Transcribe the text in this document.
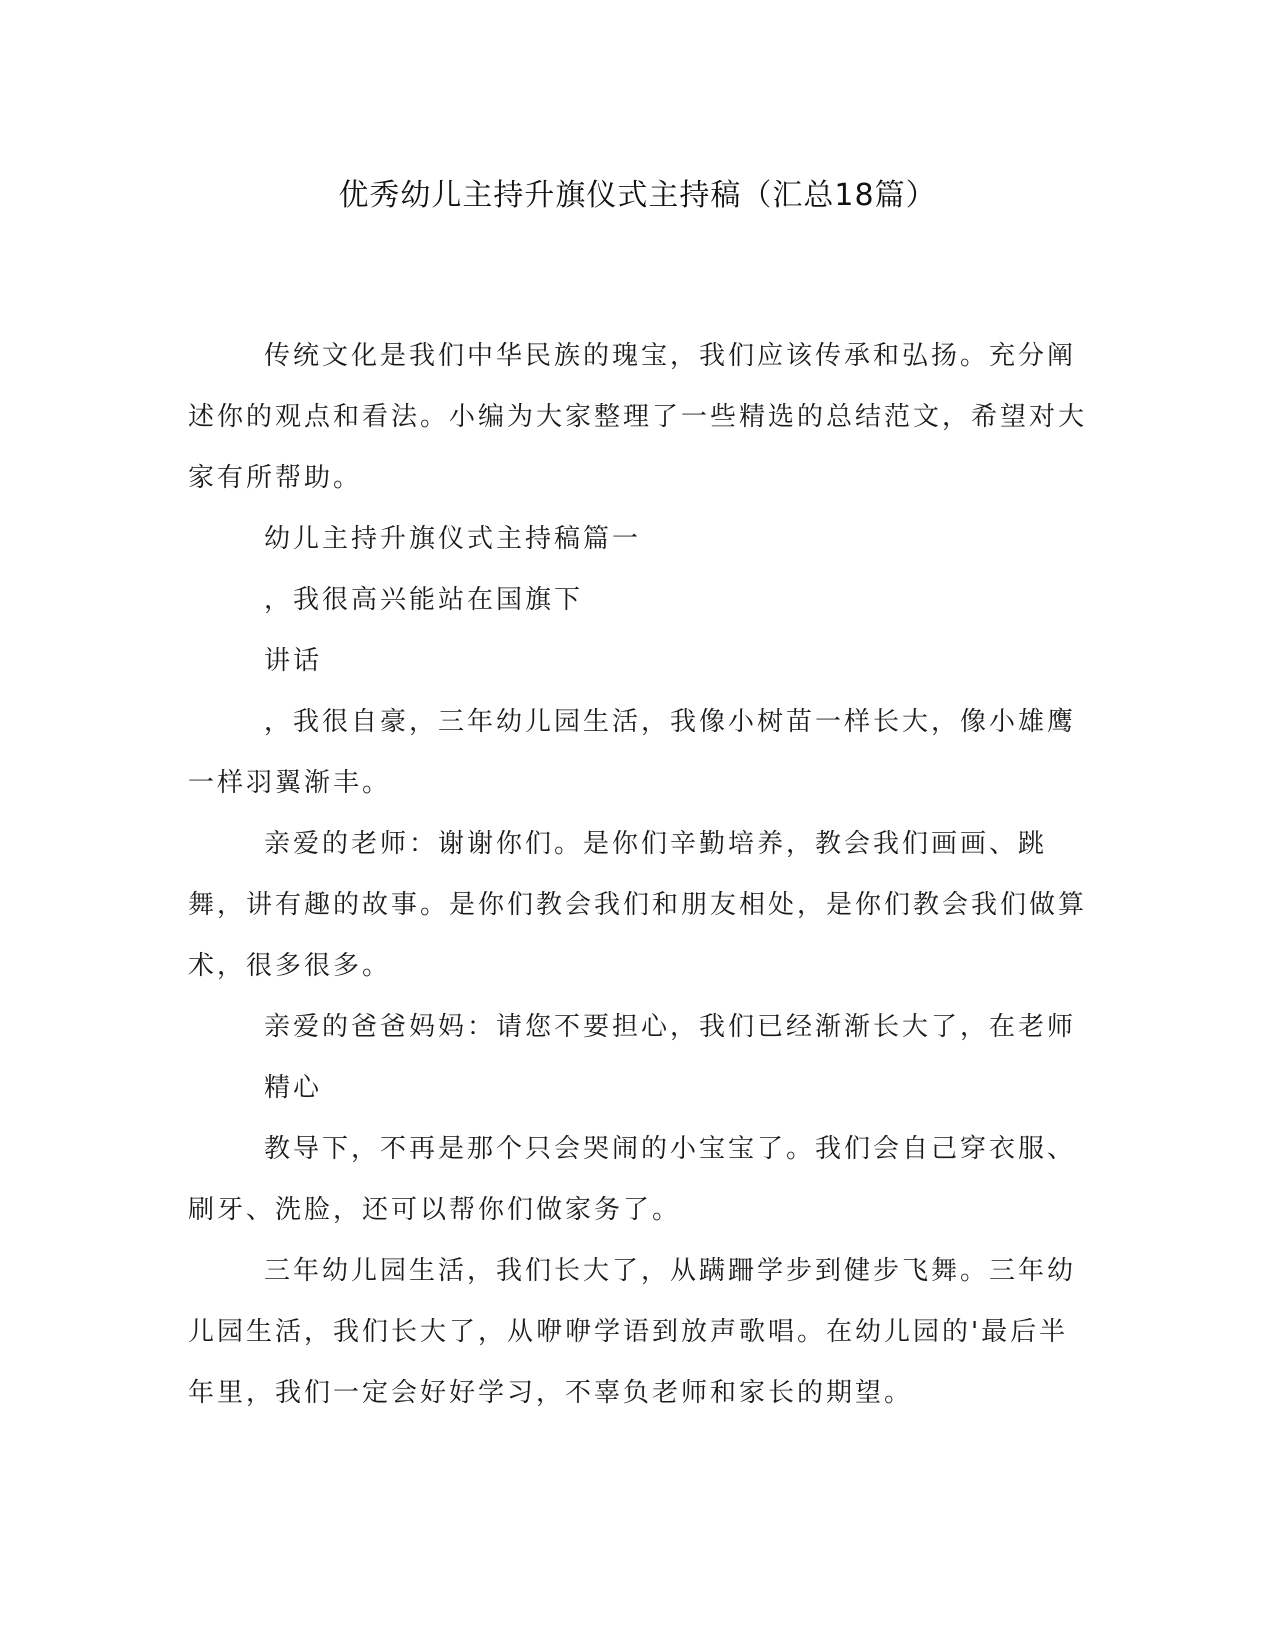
优秀幼儿主持升旗仪式主持稿（汇总18篇）

传统文化是我们中华民族的瑰宝，我们应该传承和弘扬。充分阐述你的观点和看法。小编为大家整理了一些精选的总结范文，希望对大家有所帮助。

幼儿主持升旗仪式主持稿篇一

，我很高兴能站在国旗下

讲话

，我很自豪，三年幼儿园生活，我像小树苗一样长大，像小雄鹰一样羽翼渐丰。

亲爱的老师：谢谢你们。是你们辛勤培养，教会我们画画、跳舞，讲有趣的故事。是你们教会我们和朋友相处，是你们教会我们做算术，很多很多。

亲爱的爸爸妈妈：请您不要担心，我们已经渐渐长大了，在老师

精心

教导下，不再是那个只会哭闹的小宝宝了。我们会自己穿衣服、刷牙、洗脸，还可以帮你们做家务了。

三年幼儿园生活，我们长大了，从蹒跚学步到健步飞舞。三年幼儿园生活，我们长大了，从咿咿学语到放声歌唱。在幼儿园的'最后半年里，我们一定会好好学习，不辜负老师和家长的期望。
